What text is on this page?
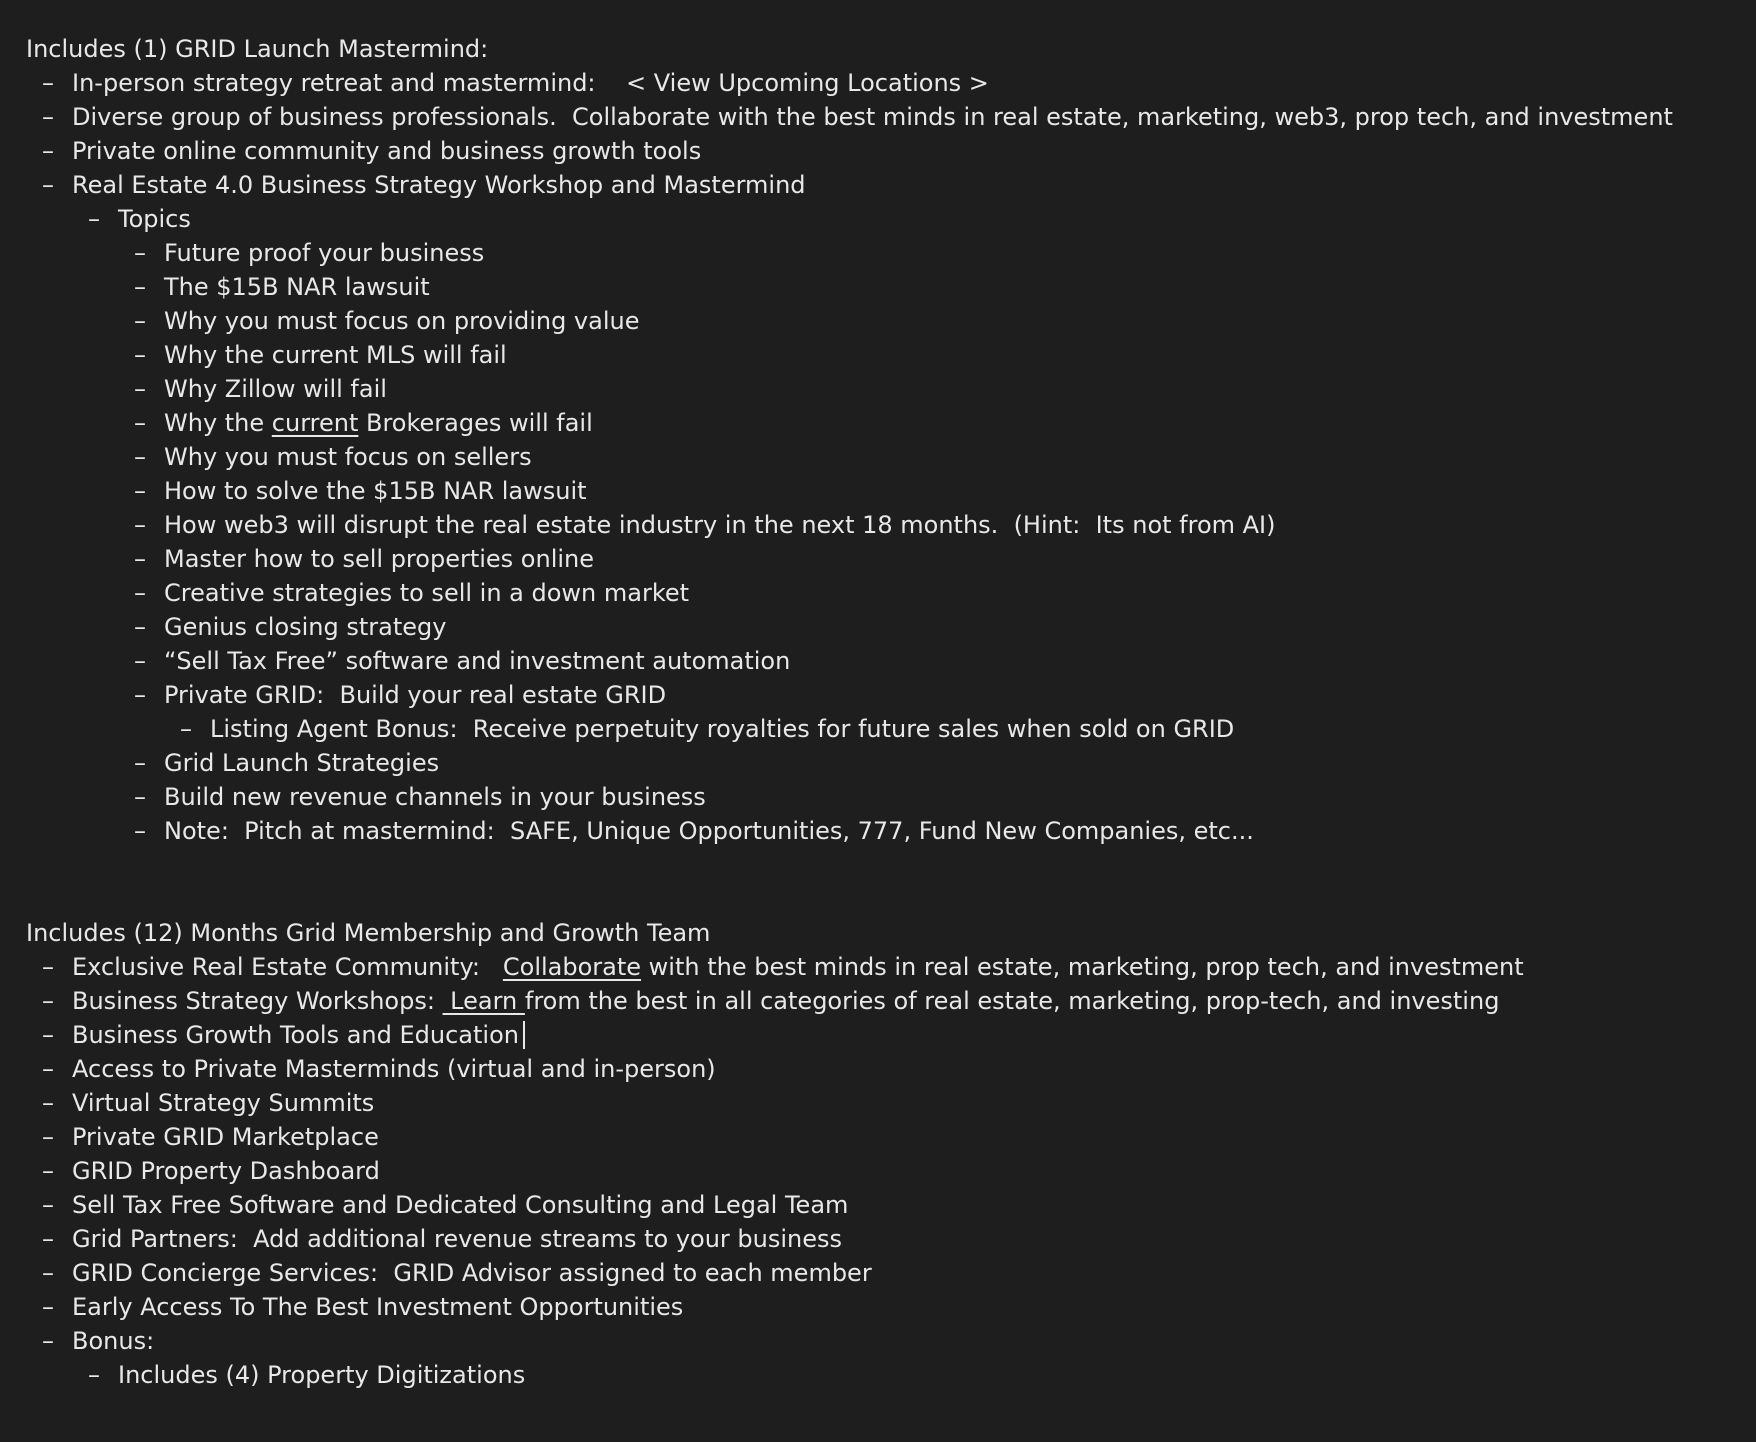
Includes (1) GRID Launch Mastermind:
– In-person strategy retreat and mastermind: < View Upcoming Locations >
– Diverse group of business professionals.  Collaborate with the best minds in real estate, marketing, web3, prop tech, and investment
– Private online community and business growth tools
– Real Estate 4.0 Business Strategy Workshop and Mastermind
– Topics
– Future proof your business
– The $15B NAR lawsuit
– Why you must focus on providing value
– Why the current MLS will fail
– Why Zillow will fail
– Why the current Brokerages will fail
– Why you must focus on sellers
– How to solve the $15B NAR lawsuit
– How web3 will disrupt the real estate industry in the next 18 months.  (Hint:  Its not from AI)
– Master how to sell properties online
– Creative strategies to sell in a down market
– Genius closing strategy
– “Sell Tax Free” software and investment automation
– Private GRID:  Build your real estate GRID
– Listing Agent Bonus:  Receive perpetuity royalties for future sales when sold on GRID
– Grid Launch Strategies
– Build new revenue channels in your business
– Note:  Pitch at mastermind:  SAFE, Unique Opportunities, 777, Fund New Companies, etc...
Includes (12) Months Grid Membership and Growth Team
– Exclusive Real Estate Community:   Collaborate with the best minds in real estate, marketing, prop tech, and investment
– Business Strategy Workshops:  Learn from the best in all categories of real estate, marketing, prop-tech, and investing
– Business Growth Tools and Education
– Access to Private Masterminds (virtual and in-person)
– Virtual Strategy Summits
– Private GRID Marketplace
– GRID Property Dashboard
– Sell Tax Free Software and Dedicated Consulting and Legal Team
– Grid Partners:  Add additional revenue streams to your business
– GRID Concierge Services:  GRID Advisor assigned to each member
– Early Access To The Best Investment Opportunities
– Bonus:
– Includes (4) Property Digitizations
